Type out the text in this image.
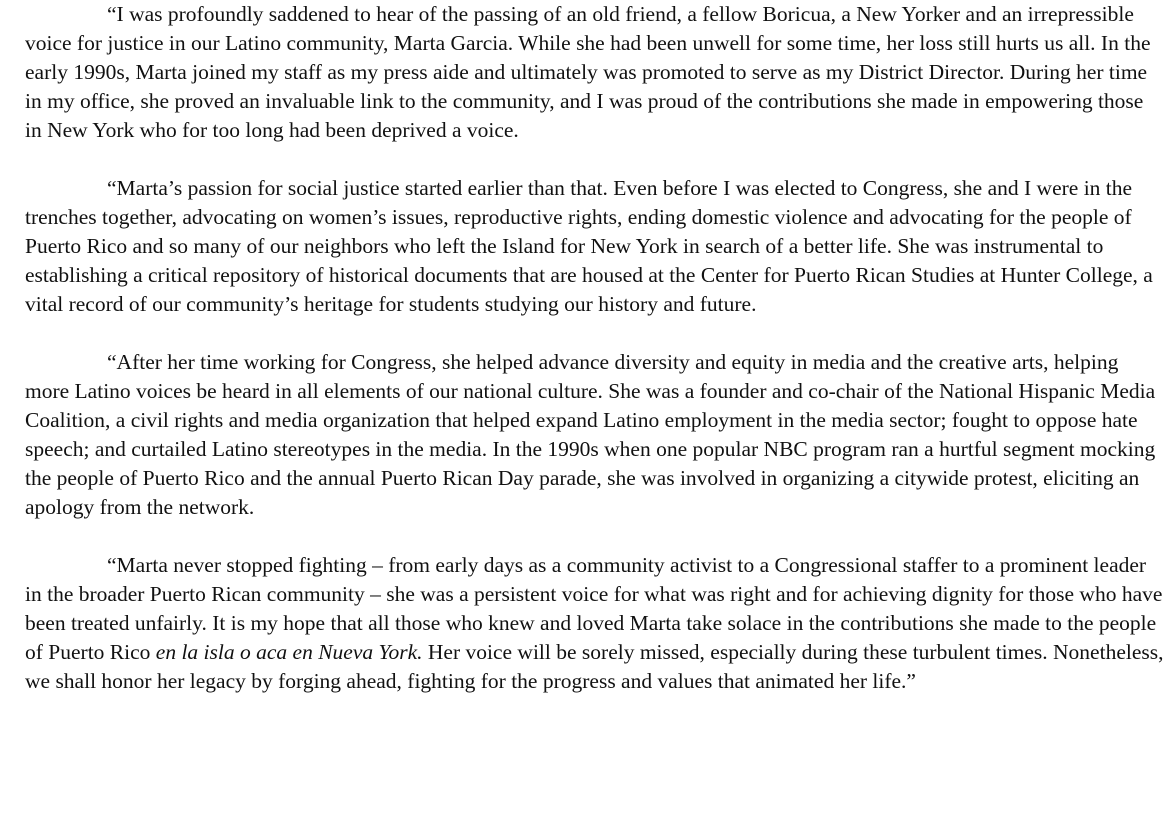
“I was profoundly saddened to hear of the passing of an old friend, a fellow Boricua, a New Yorker and an irrepressible voice for justice in our Latino community, Marta Garcia. While she had been unwell for some time, her loss still hurts us all. In the early 1990s, Marta joined my staff as my press aide and ultimately was promoted to serve as my District Director. During her time in my office, she proved an invaluable link to the community, and I was proud of the contributions she made in empowering those in New York who for too long had been deprived a voice.

“Marta’s passion for social justice started earlier than that. Even before I was elected to Congress, she and I were in the trenches together, advocating on women’s issues, reproductive rights, ending domestic violence and advocating for the people of Puerto Rico and so many of our neighbors who left the Island for New York in search of a better life. She was instrumental to establishing a critical repository of historical documents that are housed at the Center for Puerto Rican Studies at Hunter College, a vital record of our community’s heritage for students studying our history and future.

“After her time working for Congress, she helped advance diversity and equity in media and the creative arts, helping more Latino voices be heard in all elements of our national culture. She was a founder and co-chair of the National Hispanic Media Coalition, a civil rights and media organization that helped expand Latino employment in the media sector; fought to oppose hate speech; and curtailed Latino stereotypes in the media. In the 1990s when one popular NBC program ran a hurtful segment mocking the people of Puerto Rico and the annual Puerto Rican Day parade, she was involved in organizing a citywide protest, eliciting an apology from the network.

“Marta never stopped fighting – from early days as a community activist to a Congressional staffer to a prominent leader in the broader Puerto Rican community – she was a persistent voice for what was right and for achieving dignity for those who have been treated unfairly. It is my hope that all those who knew and loved Marta take solace in the contributions she made to the people of Puerto Rico en la isla o aca en Nueva York. Her voice will be sorely missed, especially during these turbulent times. Nonetheless, we shall honor her legacy by forging ahead, fighting for the progress and values that animated her life.”
